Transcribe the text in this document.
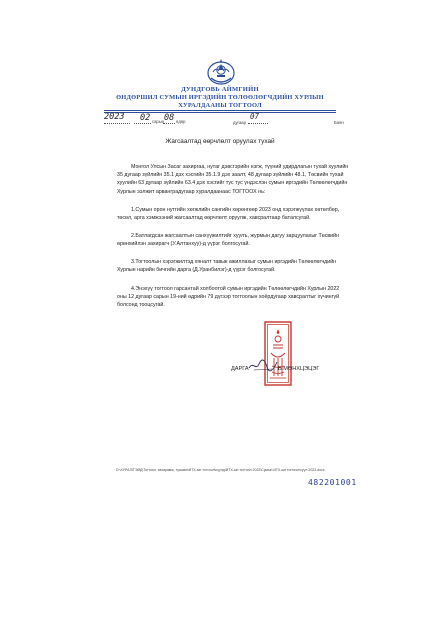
ДУНДГОВЬ АЙМГИЙН
ӨНДӨРШИЛ СУМЫН ИРГЭДИЙН ТӨЛӨӨЛӨГЧДИЙН ХУРЛЫН
ХУРАЛДААНЫ ТОГТООЛ
2023 02 сарын 08 өдөр	дугаар
07
Баян
Жагсаалтад өөрчлөлт оруулах тухай
Монгол Улсын Засаг захиргаа, нутаг дэвсгэрийн нэгж, түүний удирдлагын тухай хуулийн 35 дугаар зүйлийн 35.1 дэх хэсгийн 35.1.9 дэх заалт, 48 дугаар зүйлийн 48.1, Төсвийн тухай хуулийн 63 дугаар зүйлийн 63.4 дэх хэсгийг тус тус үндэслэн сумын иргэдийн Төлөөлөгчдийн Хурлын ээлжит арванградугаар хуралдаанаас ТОГТООХ нь:
1.Сумын орон нутгийн хөгжлийн сангийн хөрөнгөөр 2023 онд хэрэгжүүлах хөтөлбөр, төсөл, арга хэмжээний жагсаалтад өөрчлөлт оруулж, хавсралтаар баталсугай.
2.Батлагдсан жагсаалтын санхүүжилтийг хуулъ, журмын дагуу зарцуулахыг Төсвийн өрөнхийлэн захирагч (У.Алтанхуу)-д үүрэг болгосугай.
3.Тогтоолын хэрэгжилтэд хяналт тавьж ажиллахыг сумын иргэдийн Төлөөлөгчдийн Хурлын нарийн бичгийн дарга (Д.Уранбилэг)-д үүрэг болгосугай.
4.Энэхүү тогтоол гарсантай холбоотой сумын иргэдийн Төлөөлөгчдийн Хурлын 2022 оны 12 дугаар сарын 19-ний өдрийн 79 дүгээр тогтоолын хоёрдугаар хавсралтыг хүчингүй болсонд тооцсугай.
ДАРГА	Б.МӨНХЦЭЦЭГ
D:\ХУРАЛ\ТЭЙД\Тогтоол, захирамж, тушаал\ИТХ-ын тогтоол\сүүлд\ИТХ-ын тогтоол 2022\Сумын ИТХ-ын тогтоол\сүүл 2023.docx
482201001
